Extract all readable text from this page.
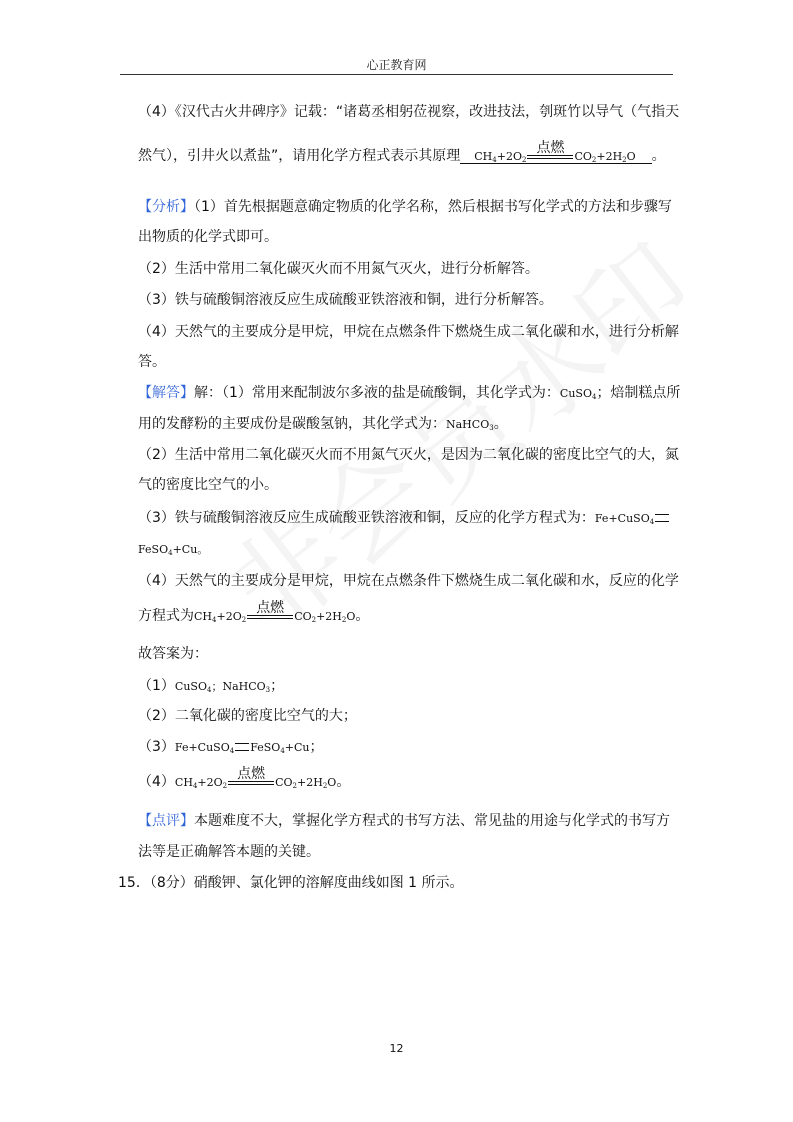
心正教育网
（4）《汉代古火井碑序》记载：“诸葛丞相躬莅视察，改进技法，刳斑竹以导气（气指天
然气），引井火以煮盐”，请用化学方程式表示其原理 $CH_4+2O_2$
点燃
$CO_2+2H_2O$ 。
【分析】（1）首先根据题意确定物质的化学名称，然后根据书写化学式的方法和步骤写
出物质的化学式即可。
（2）生活中常用二氧化碳灭火而不用氮气灭火，进行分析解答。
（3）铁与硫酸铜溶液反应生成硫酸亚铁溶液和铜，进行分析解答。
（4）天然气的主要成分是甲烷，甲烷在点燃条件下燃烧生成二氧化碳和水，进行分析解
答。
【解答】解：（1）常用来配制波尔多液的盐是硫酸铜，其化学式为：CuSO$_4$；焙制糕点所
用的发酵粉的主要成份是碳酸氢钠，其化学式为：NaHCO$_3$。
（2）生活中常用二氧化碳灭火而不用氮气灭火，是因为二氧化碳的密度比空气的大，氮
气的密度比空气的小。
（3）铁与硫酸铜溶液反应生成硫酸亚铁溶液和铜，反应的化学方程式为：Fe+CuSO$_4$
FeSO$_4$+Cu。
（4）天然气的主要成分是甲烷，甲烷在点燃条件下燃烧生成二氧化碳和水，反应的化学
方程式为$CH_4+2O_2$
点燃
$CO_2+2H_2O$。
故答案为：
（1）CuSO$_4$；NaHCO$_3$；
（2）二氧化碳的密度比空气的大；
（3）Fe+CuSO$_4$ FeSO$_4$+Cu；
$(4)CH_4+2O_2$
点燃
$CO_2+2H_2O$。
【点评】本题难度不大，掌握化学方程式的书写方法、常见盐的用途与化学式的书写方
法等是正确解答本题的关键。
15．（8分）硝酸钾、氯化钾的溶解度曲线如图 1 所示。
12
